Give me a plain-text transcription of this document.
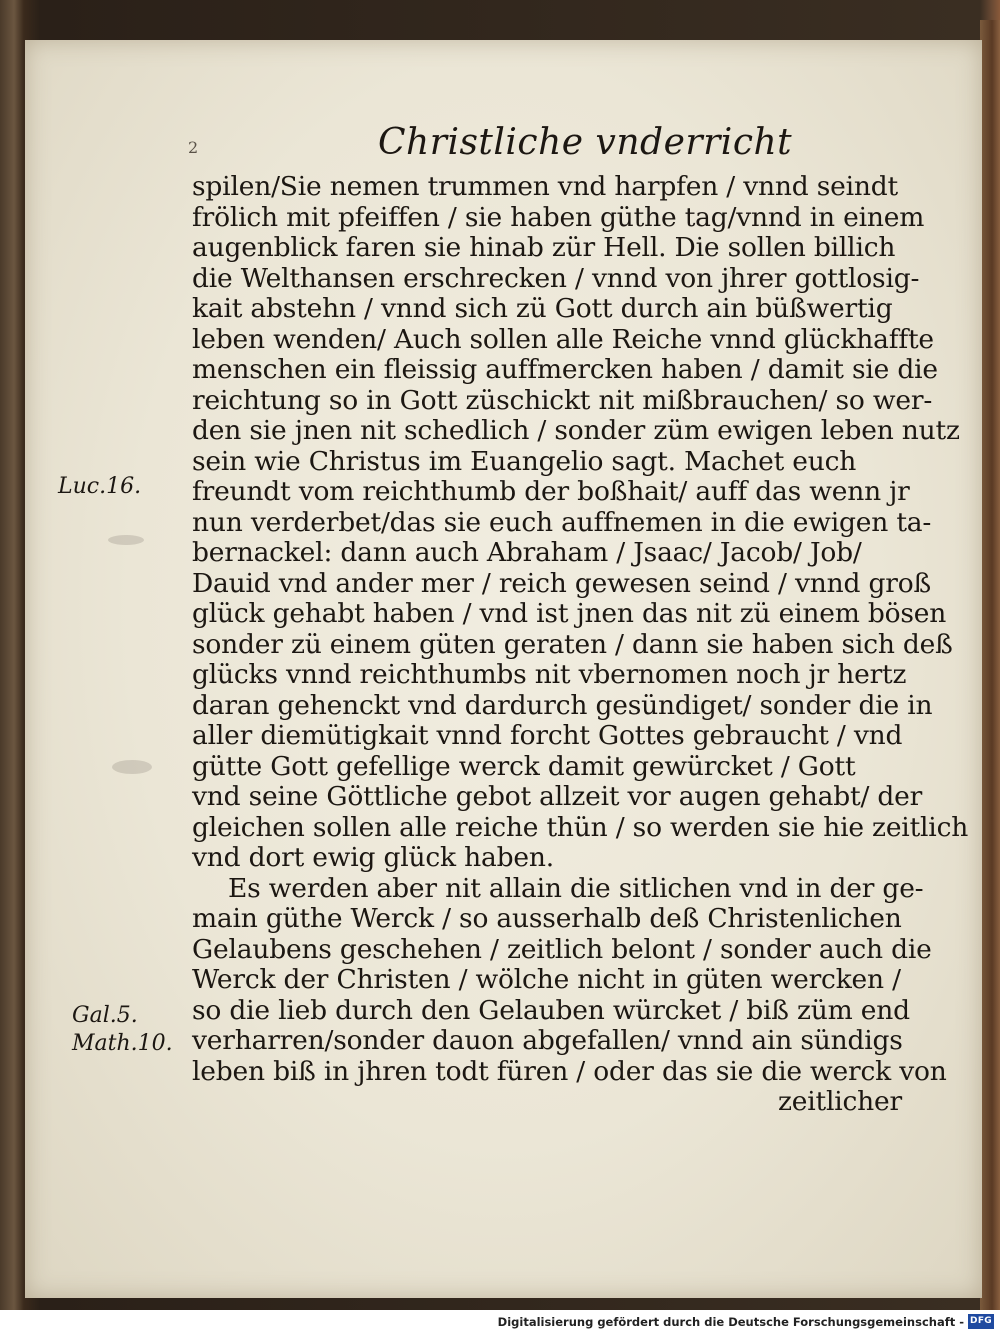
2	Christliche vnderricht
Luc.16.
Gal.5.
Math.10.
spilen/Sie nemen trummen vnd harpfen / vnnd seindt
frölich mit pfeiffen / sie haben güthe tag/vnnd in einem
augenblick faren sie hinab zür Hell. Die sollen billich
die Welthansen erschrecken / vnnd von jhrer gottlosig-
kait abstehn / vnnd sich zü Gott durch ain büßwertig
leben wenden/ Auch sollen alle Reiche vnnd glückhaffte
menschen ein fleissig auffmercken haben / damit sie die
reichtung so in Gott züschickt nit mißbrauchen/ so wer-
den sie jnen nit schedlich / sonder züm ewigen leben nutz
sein wie Christus im Euangelio sagt. Machet euch
freundt vom reichthumb der boßhait/ auff das wenn jr
nun verderbet/das sie euch auffnemen in die ewigen ta-
bernackel: dann auch Abraham / Jsaac/ Jacob/ Job/
Dauid vnd ander mer / reich gewesen seind / vnnd groß
glück gehabt haben / vnd ist jnen das nit zü einem bösen
sonder zü einem güten geraten / dann sie haben sich deß
glücks vnnd reichthumbs nit vbernomen noch jr hertz
daran gehenckt vnd dardurch gesündiget/ sonder die in
aller diemütigkait vnnd forcht Gottes gebraucht / vnd
gütte Gott gefellige werck damit gewürcket / Gott
vnd seine Göttliche gebot allzeit vor augen gehabt/ der
gleichen sollen alle reiche thün / so werden sie hie zeitlich
vnd dort ewig glück haben.
Es werden aber nit allain die sitlichen vnd in der ge-
main güthe Werck / so ausserhalb deß Christenlichen
Gelaubens geschehen / zeitlich belont / sonder auch die
Werck der Christen / wölche nicht in güten wercken /
so die lieb durch den Gelauben würcket / biß züm end
verharren/sonder dauon abgefallen/ vnnd ain sündigs
leben biß in jhren todt füren / oder das sie die werck von
zeitlicher
Digitalisierung gefördert durch die Deutsche Forschungsgemeinschaft - DFG
